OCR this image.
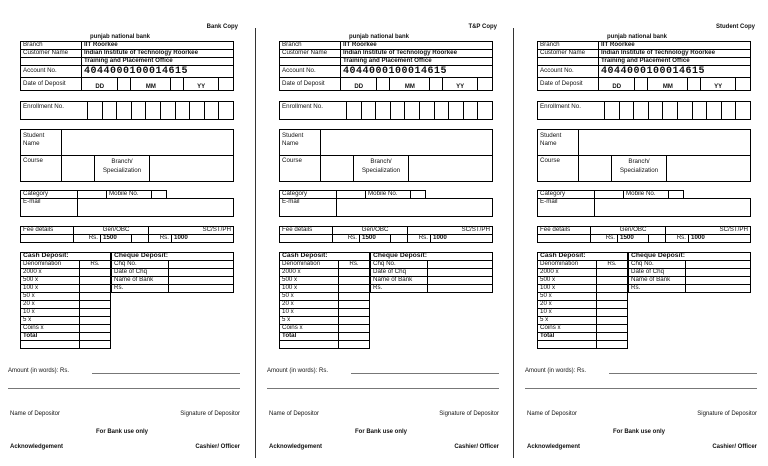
Bank Copy
punjab national bank
Branch	IIT Roorkee					
Customer Name	Indian Institute of Technology Roorkee					
	Training and Placement Office					
Account No.	4044000100014615					
Date of Deposit	DD		MM		YY	
Enrollment No.										
Student
Name			
Course		Branch/
Specialization	
Category		Mobile No.		
E-mail				
Fee details	Gen/OBC			SC/ST/PH	
	Rs.	1500		Rs.	1000
Cash Deposit:	
Denomination	Rs.
2000 x	
500 x	
100 x	
50 x	
20 x	
10 x	
5 x	
Coins x	
Total	

Cheque Deposit:	
Chq No.	
Date of Chq	
Name of Bank	
Rs.	
Amount (in words): Rs.
Name of Depositor	Signature of Depositor
For Bank use only
Acknowledgement	Cashier/ Officer
T&P Copy
punjab national bank
Branch	IIT Roorkee					
Customer Name	Indian Institute of Technology Roorkee					
	Training and Placement Office					
Account No.	4044000100014615					
Date of Deposit	DD		MM		YY	
Enrollment No.										
Student
Name			
Course		Branch/
Specialization	
Category		Mobile No.		
E-mail				
Fee details	Gen/OBC			SC/ST/PH	
	Rs.	1500		Rs.	1000
Cash Deposit:	
Denomination	Rs.
2000 x	
500 x	
100 x	
50 x	
20 x	
10 x	
5 x	
Coins x	
Total	

Cheque Deposit:	
Chq No.	
Date of Chq	
Name of Bank	
Rs.	
Amount (in words): Rs.
Name of Depositor	Signature of Depositor
For Bank use only
Acknowledgement	Cashier/ Officer
Student Copy
punjab national bank
Branch	IIT Roorkee					
Customer Name	Indian Institute of Technology Roorkee					
	Training and Placement Office					
Account No.	4044000100014615					
Date of Deposit	DD		MM		YY	
Enrollment No.										
Student
Name			
Course		Branch/
Specialization	
Category		Mobile No.		
E-mail				
Fee details	Gen/OBC			SC/ST/PH	
	Rs.	1500		Rs.	1000
Cash Deposit:	
Denomination	Rs.
2000 x	
500 x	
100 x	
50 x	
20 x	
10 x	
5 x	
Coins x	
Total	

Cheque Deposit:	
Chq No.	
Date of Chq	
Name of Bank	
Rs.	
Amount (in words): Rs.
Name of Depositor	Signature of Depositor
For Bank use only
Acknowledgement	Cashier/ Officer
